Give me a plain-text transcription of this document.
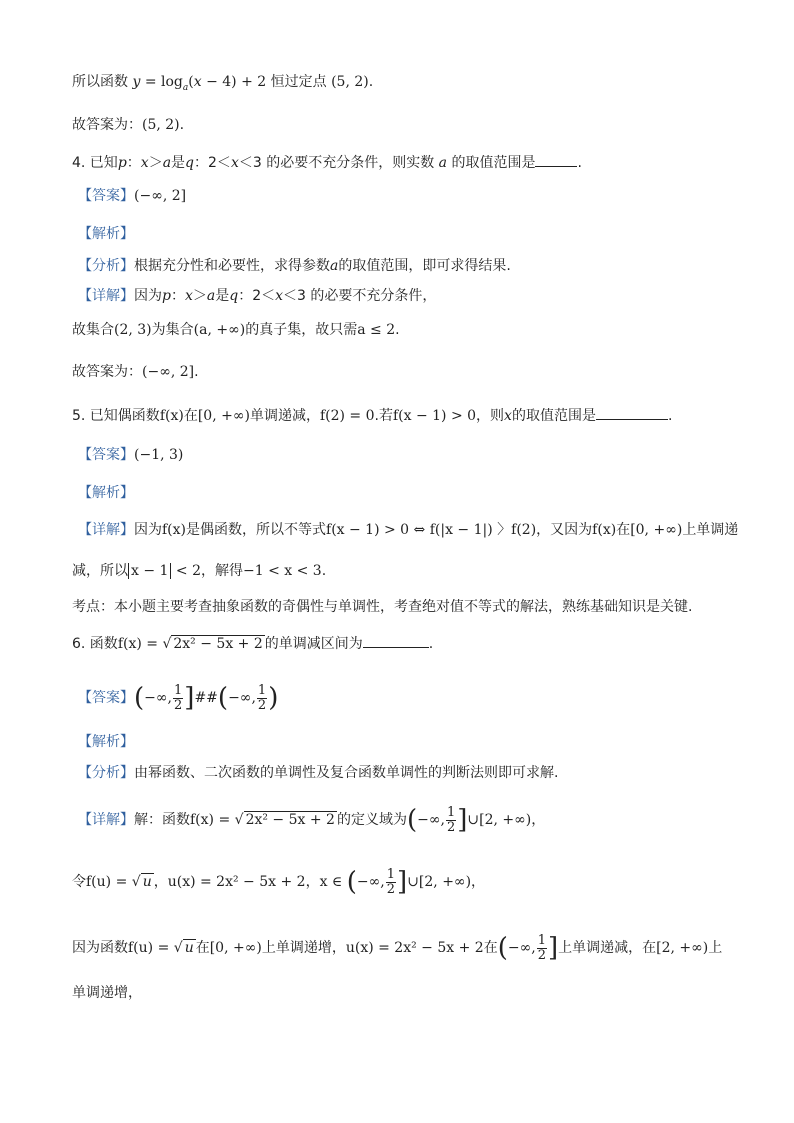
所以函数 $y = \log_a(x - 4) + 2$ 恒过定点 (5, 2).
故答案为：(5, 2).
4. 已知p：x＞a是q：2＜x＜3 的必要不充分条件，则实数 a 的取值范围是	.
【答案】(−∞, 2]
【解析】
【分析】根据充分性和必要性，求得参数a的取值范围，即可求得结果.
【详解】因为p：x＞a是q：2＜x＜3 的必要不充分条件，
故集合(2, 3)为集合(a, +∞)的真子集，故只需a ≤ 2.
故答案为：(−∞, 2].
5. 已知偶函数f(x)在[0, +∞)单调递减，f(2) = 0.若f(x − 1) > 0，则x的取值范围是	.
【答案】(−1, 3)
【解析】
【详解】因为f(x)是偶函数，所以不等式f(x − 1) > 0 ⇔ f(|x − 1|) 〉f(2)，又因为f(x)在[0, +∞)上单调递
减，所以 x − 1 < 2，解得−1 < x < 3.
考点：本小题主要考查抽象函数的奇偶性与单调性，考查绝对值不等式的解法，熟练基础知识是关键.
6. 函数f(x) = √ 2x² − 5x + 2 的单调减区间为	.
【答案】(−∞, $\frac{1}{2}$ ]##(−∞, $\frac{1}{2}$ )
【解析】
【分析】由幂函数、二次函数的单调性及复合函数单调性的判断法则即可求解.
【详解】解：函数f(x) = √ 2x² − 5x + 2 的定义域为(−∞, $\frac{1}{2}$ ]∪[2, +∞)，
令f(u) = √ u ，u(x) = 2x² − 5x + 2，x ∈ (−∞, $\frac{1}{2}$ ]∪[2, +∞)，
因为函数f(u) = √ u 在[0, +∞)上单调递增，u(x) = 2x² − 5x + 2在(−∞, $\frac{1}{2}$ ]上单调递减，在[2, +∞)上
单调递增，
